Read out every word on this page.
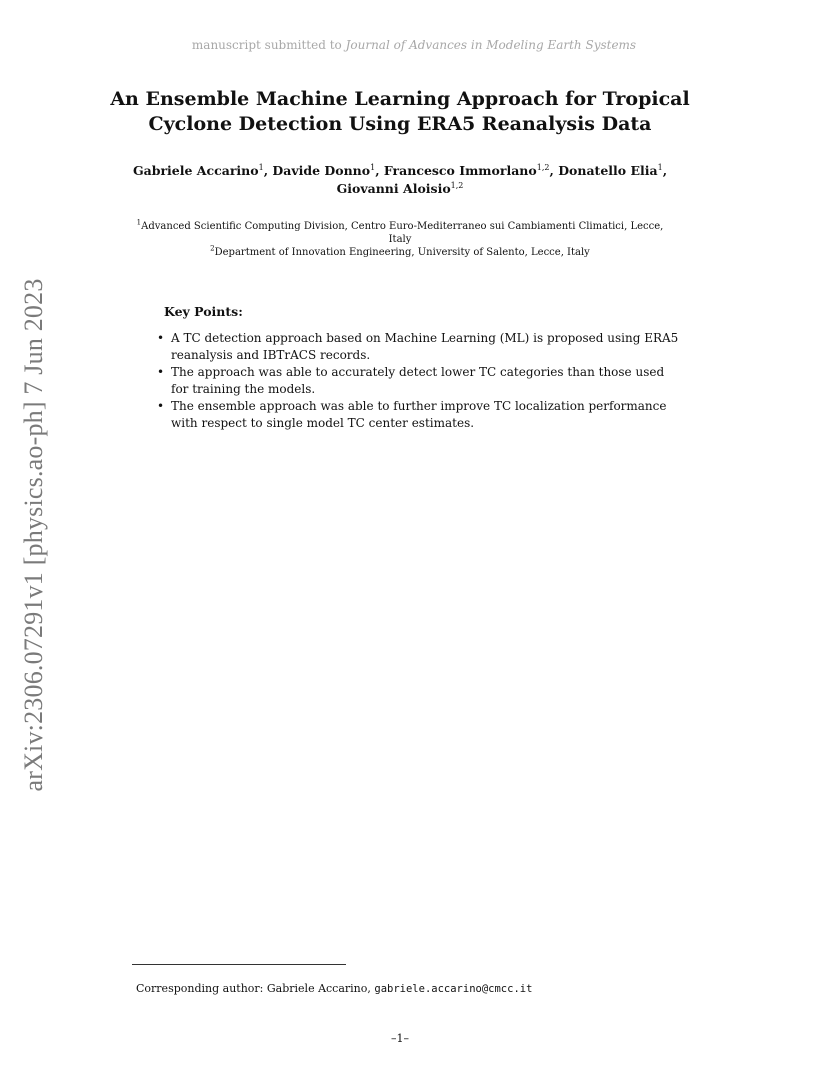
manuscript submitted to Journal of Advances in Modeling Earth Systems
arXiv:2306.07291v1 [physics.ao-ph] 7 Jun 2023
An Ensemble Machine Learning Approach for Tropical
Cyclone Detection Using ERA5 Reanalysis Data
Gabriele Accarino$^1$, Davide Donno$^1$, Francesco Immorlano$^{1,2}$, Donatello Elia$^1$,
Giovanni Aloisio$^{1,2}$
$^1$Advanced Scientific Computing Division, Centro Euro-Mediterraneo sui Cambiamenti Climatici, Lecce, Italy
$^2$Department of Innovation Engineering, University of Salento, Lecce, Italy
Key Points:
• A TC detection approach based on Machine Learning (ML) is proposed using ERA5 reanalysis and IBTrACS records.
• The approach was able to accurately detect lower TC categories than those used for training the models.
• The ensemble approach was able to further improve TC localization performance with respect to single model TC center estimates.
Corresponding author: Gabriele Accarino, gabriele.accarino@cmcc.it
–1–
